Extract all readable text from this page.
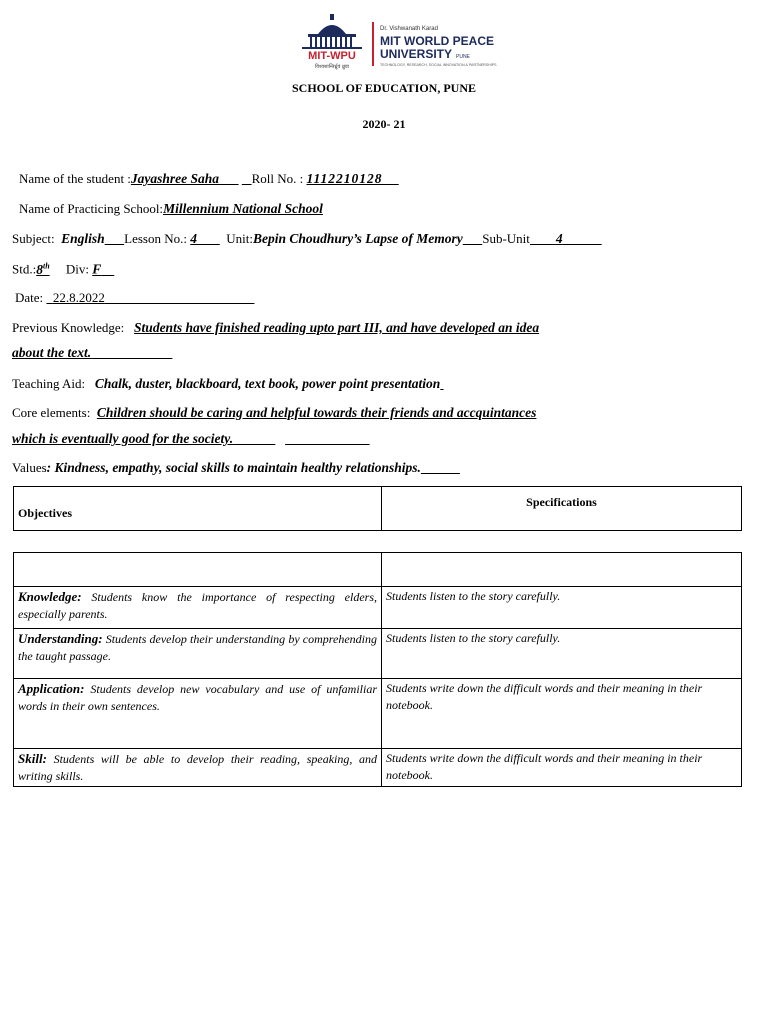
MIT-WPU
विश्वशान्तिर्ध्रुवं ध्रुवा
Dr. Vishwanath Karad
MIT WORLD PEACE
UNIVERSITY PUNE
TECHNOLOGY, RESEARCH, SOCIAL INNOVATION & PARTNERSHIPS
SCHOOL OF EDUCATION, PUNE
2020- 21
Name of the student :Jayashree Saha	Roll No. : 1112210128
Name of Practicing School:Millennium National School
Subject: English Lesson No.: 4 Unit:Bepin Choudhury’s Lapse of Memory Sub-Unit 4
Std.:8th Div: F
Date: 22.8.2022
Previous Knowledge: Students have finished reading upto part III, and have developed an idea
about the text.
Teaching Aid: Chalk, duster, blackboard, text book, power point presentation
Core elements: Children should be caring and helpful towards their friends and accquintances
which is eventually good for the society.
Values: Kindness, empathy, social skills to maintain healthy relationships.
Objectives	Specifications

Knowledge: Students know the importance of respecting elders, especially parents.	Students listen to the story carefully.
Understanding: Students develop their understanding by comprehending the taught passage.	Students listen to the story carefully.
Application: Students develop new vocabulary and use of unfamiliar words in their own sentences.	Students write down the difficult words and their meaning in their notebook.
Skill: Students will be able to develop their reading, speaking, and writing skills.	Students write down the difficult words and their meaning in their notebook.
